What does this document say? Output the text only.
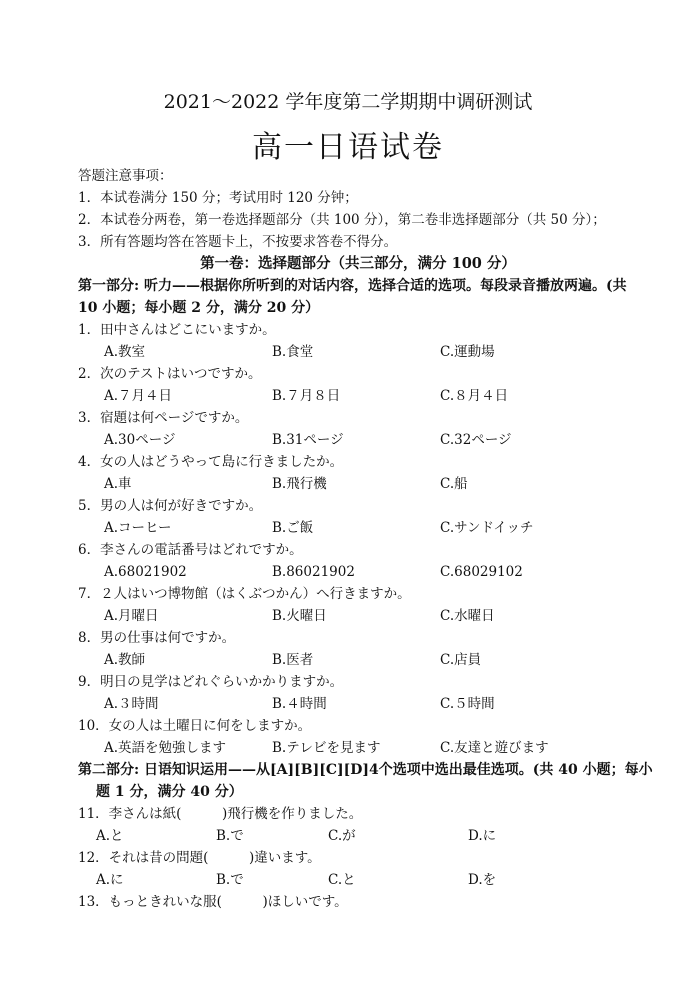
2021～2022 学年度第二学期期中调研测试
高一日语试卷
答题注意事项：
1．本试卷满分 150 分；考试用时 120 分钟；
2．本试卷分两卷，第一卷选择题部分（共 100 分），第二卷非选择题部分（共 50 分）；
3．所有答题均答在答题卡上，不按要求答卷不得分。
第一卷：选择题部分（共三部分，满分 100 分）
第一部分: 听力——根据你所听到的对话内容，选择合适的选项。每段录音播放两遍。(共
10 小题；每小题 2 分，满分 20 分）
1．田中さんはどこにいますか。
A.教室	B.食堂	C.運動場
2．次のテストはいつですか。
A.７月４日	B.７月８日	C.８月４日
3．宿題は何ページですか。
A.30ページ	B.31ページ	C.32ページ
4．女の人はどうやって島に行きましたか。
A.車	B.飛行機	C.船
5．男の人は何が好きですか。
A.コーヒー	B.ご飯	C.サンドイッチ
6．李さんの電話番号はどれですか。
A.68021902	B.86021902	C.68029102
7．２人はいつ博物館（はくぶつかん）へ行きますか。
A.月曜日	B.火曜日	C.水曜日
8．男の仕事は何ですか。
A.教師	B.医者	C.店員
9．明日の見学はどれぐらいかかりますか。
A.３時間	B.４時間	C.５時間
10．女の人は土曜日に何をしますか。
A.英語を勉強します	B.テレビを見ます	C.友達と遊びます
第二部分: 日语知识运用——从[A][B][C][D]4个选项中选出最佳选项。(共 40 小题；每小
题 1 分，满分 40 分）
11．李さんは紙(　　　)飛行機を作りました。
A.と	B.で	C.が	D.に
12．それは昔の問題(　　　)違います。
A.に	B.で	C.と	D.を
13．もっときれいな服(　　　)ほしいです。
